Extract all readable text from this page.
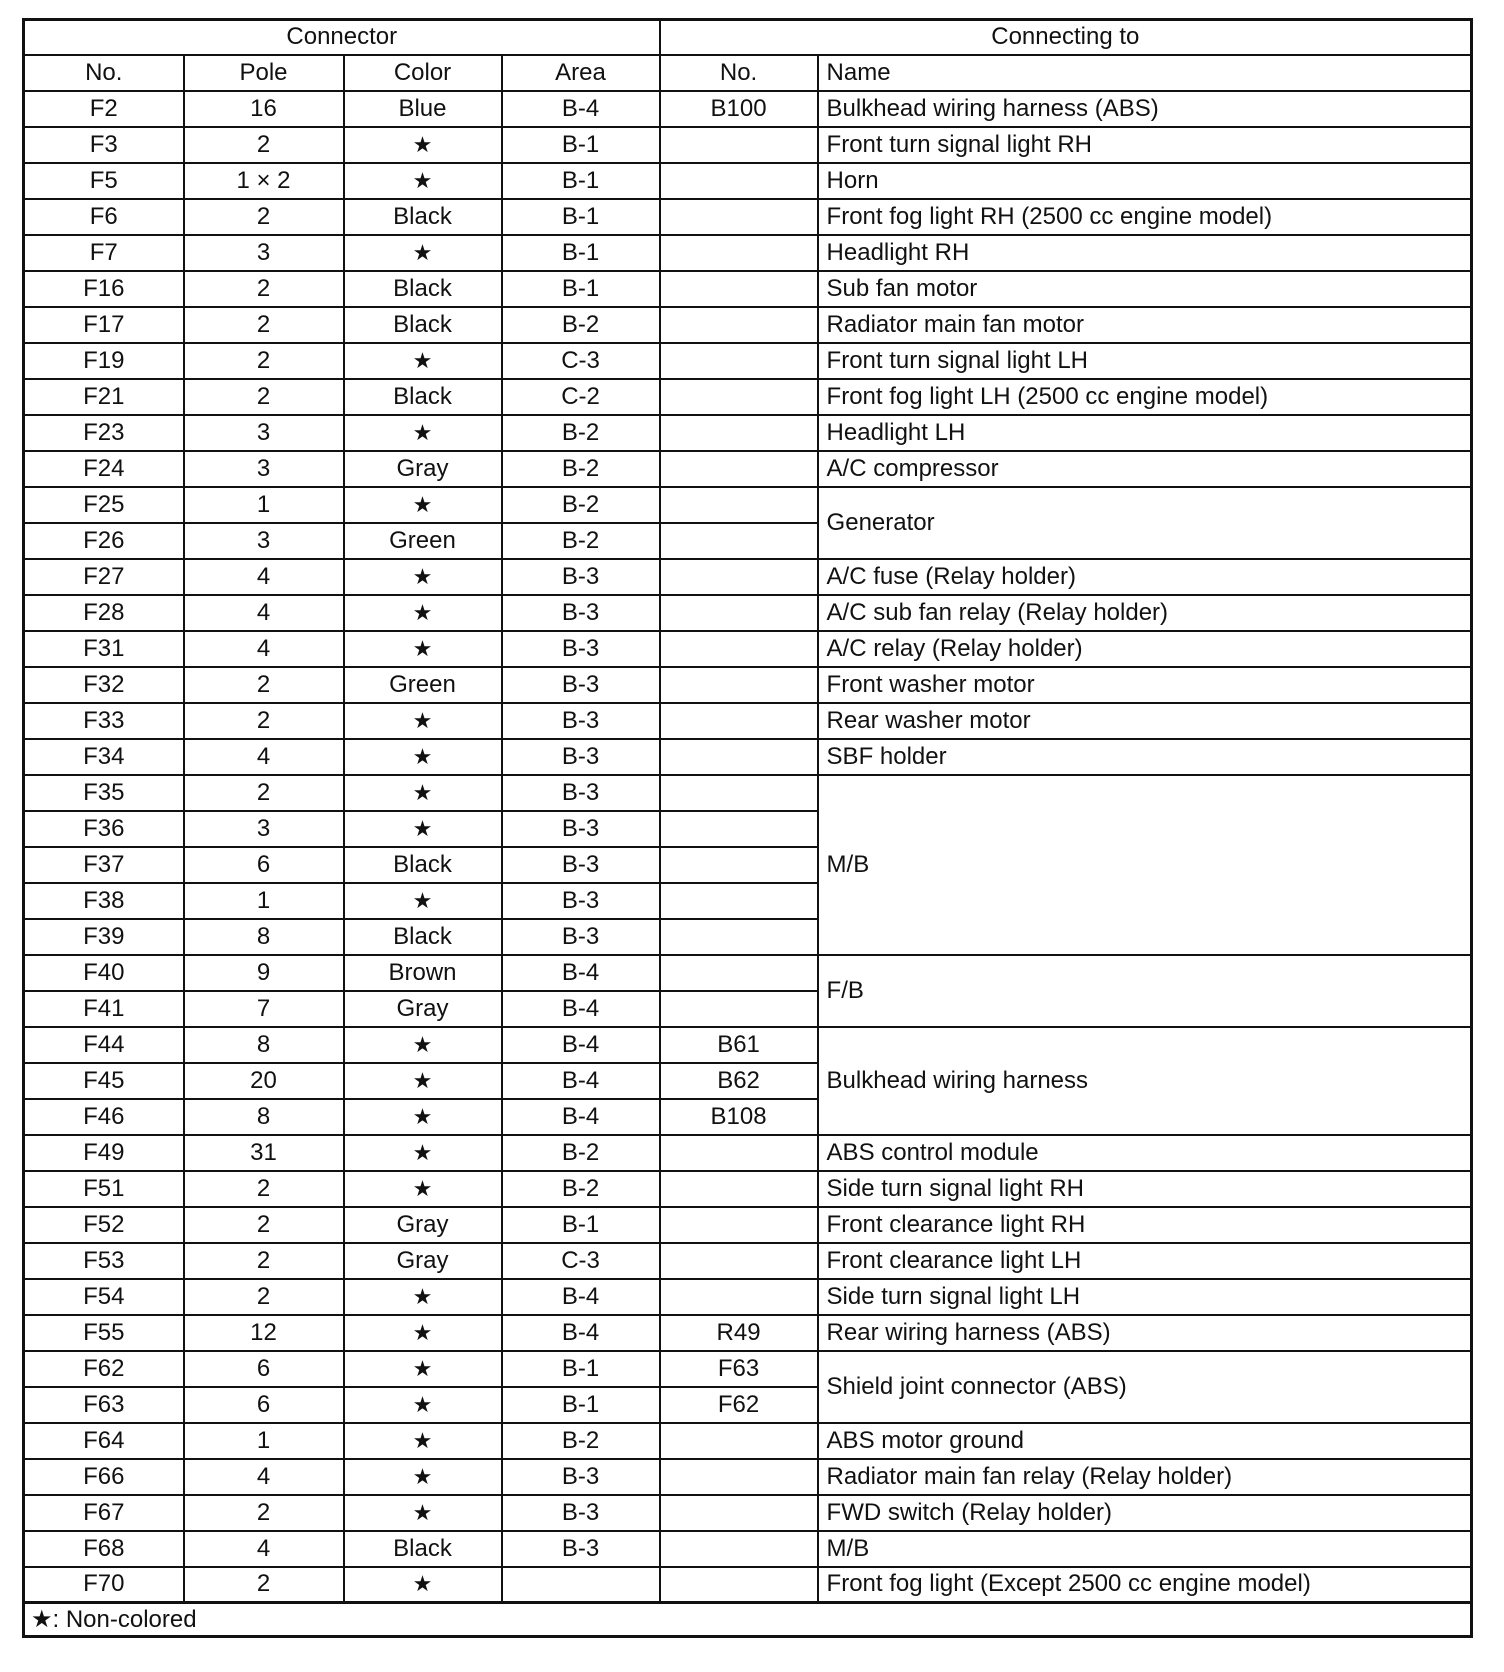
Connector				Connecting to	
No.	Pole	Color	Area	No.	Name
F2	16	Blue	B-4	B100	Bulkhead wiring harness (ABS)
F3	2	★	B-1		Front turn signal light RH
F5	1 × 2	★	B-1		Horn
F6	2	Black	B-1		Front fog light RH (2500 cc engine model)
F7	3	★	B-1		Headlight RH
F16	2	Black	B-1		Sub fan motor
F17	2	Black	B-2		Radiator main fan motor
F19	2	★	C-3		Front turn signal light LH
F21	2	Black	C-2		Front fog light LH (2500 cc engine model)
F23	3	★	B-2		Headlight LH
F24	3	Gray	B-2		A/C compressor
F25	1	★	B-2		Generator
F26	3	Green	B-2		
F27	4	★	B-3		A/C fuse (Relay holder)
F28	4	★	B-3		A/C sub fan relay (Relay holder)
F31	4	★	B-3		A/C relay (Relay holder)
F32	2	Green	B-3		Front washer motor
F33	2	★	B-3		Rear washer motor
F34	4	★	B-3		SBF holder
F35	2	★	B-3		M/B
F36	3	★	B-3		
F37	6	Black	B-3		
F38	1	★	B-3		
F39	8	Black	B-3		
F40	9	Brown	B-4		F/B
F41	7	Gray	B-4		
F44	8	★	B-4	B61	Bulkhead wiring harness
F45	20	★	B-4	B62	
F46	8	★	B-4	B108	
F49	31	★	B-2		ABS control module
F51	2	★	B-2		Side turn signal light RH
F52	2	Gray	B-1		Front clearance light RH
F53	2	Gray	C-3		Front clearance light LH
F54	2	★	B-4		Side turn signal light LH
F55	12	★	B-4	R49	Rear wiring harness (ABS)
F62	6	★	B-1	F63	Shield joint connector (ABS)
F63	6	★	B-1	F62	
F64	1	★	B-2		ABS motor ground
F66	4	★	B-3		Radiator main fan relay (Relay holder)
F67	2	★	B-3		FWD switch (Relay holder)
F68	4	Black	B-3		M/B
F70	2	★			Front fog light (Except 2500 cc engine model)
★: Non-colored					
